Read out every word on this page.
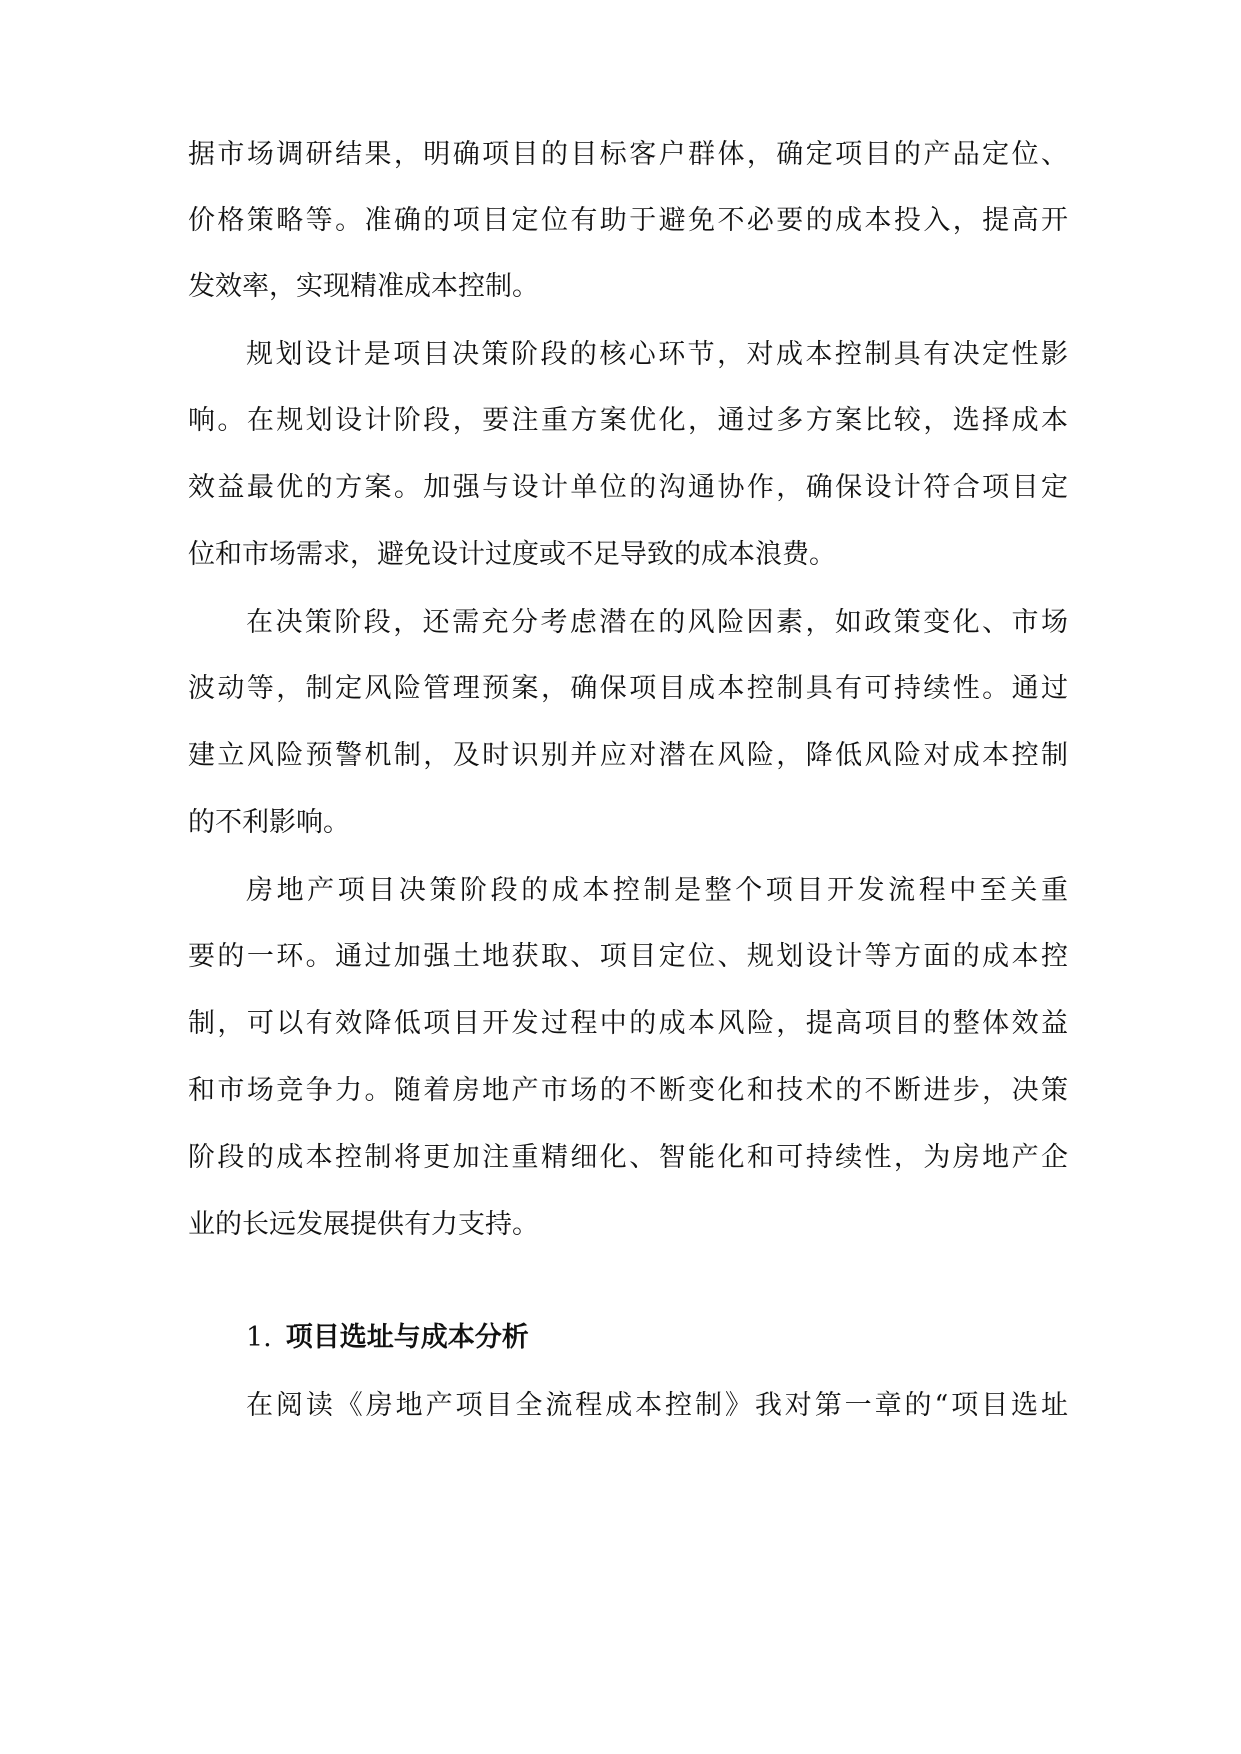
据市场调研结果，明确项目的目标客户群体，确定项目的产品定位、
价格策略等。准确的项目定位有助于避免不必要的成本投入，提高开
发效率，实现精准成本控制。
规划设计是项目决策阶段的核心环节，对成本控制具有决定性影
响。在规划设计阶段，要注重方案优化，通过多方案比较，选择成本
效益最优的方案。加强与设计单位的沟通协作，确保设计符合项目定
位和市场需求，避免设计过度或不足导致的成本浪费。
在决策阶段，还需充分考虑潜在的风险因素，如政策变化、市场
波动等，制定风险管理预案，确保项目成本控制具有可持续性。通过
建立风险预警机制，及时识别并应对潜在风险，降低风险对成本控制
的不利影响。
房地产项目决策阶段的成本控制是整个项目开发流程中至关重
要的一环。通过加强土地获取、项目定位、规划设计等方面的成本控
制，可以有效降低项目开发过程中的成本风险，提高项目的整体效益
和市场竞争力。随着房地产市场的不断变化和技术的不断进步，决策
阶段的成本控制将更加注重精细化、智能化和可持续性，为房地产企
业的长远发展提供有力支持。
1. 项目选址与成本分析
在阅读《房地产项目全流程成本控制》我对第一章的“项目选址
